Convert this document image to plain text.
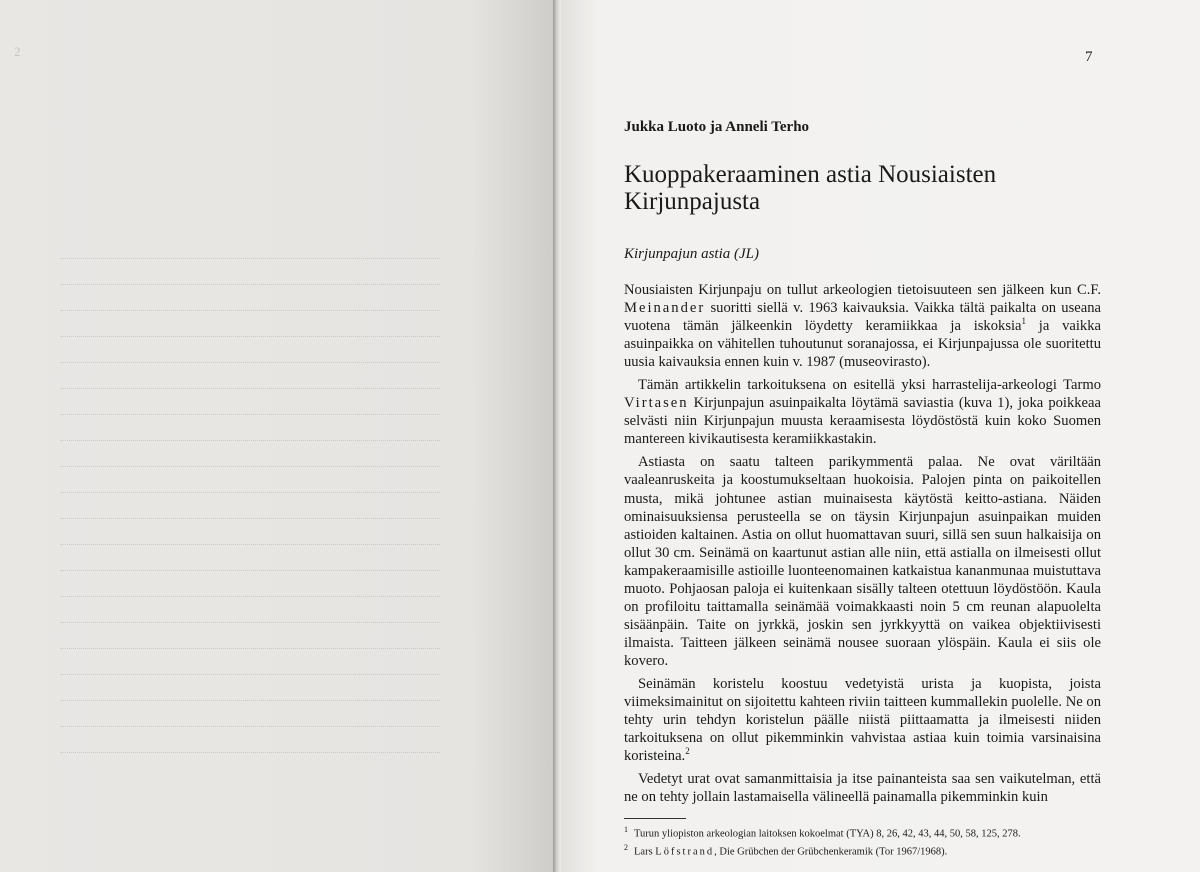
2	7
Jukka Luoto ja Anneli Terho
Kuoppakeraaminen astia Nousiaisten Kirjunpajusta
Kirjunpajun astia (JL)

Nousiaisten Kirjunpaju on tullut arkeologien tietoisuuteen sen jälkeen kun C.F. Meinander suoritti siellä v. 1963 kaivauksia. Vaikka tältä paikalta on useana vuotena tämän jälkeenkin löydetty keramiikkaa ja iskoksia$^1$ ja vaikka asuinpaikka on vähitellen tuhoutunut soranajossa, ei Kirjunpajussa ole suoritettu uusia kaivauksia ennen kuin v. 1987 (museovirasto).

Tämän artikkelin tarkoituksena on esitellä yksi harrastelija-arkeologi Tarmo Virtasen Kirjunpajun asuinpaikalta löytämä saviastia (kuva 1), joka poikkeaa selvästi niin Kirjunpajun muusta keraamisesta löydöstöstä kuin koko Suomen mantereen kivikautisesta keramiikkastakin.

Astiasta on saatu talteen parikymmentä palaa. Ne ovat väriltään vaaleanruskeita ja koostumukseltaan huokoisia. Palojen pinta on paikoitellen musta, mikä johtunee astian muinaisesta käytöstä keitto-astiana. Näiden ominaisuuksiensa perusteella se on täysin Kirjunpajun asuinpaikan muiden astioiden kaltainen. Astia on ollut huomattavan suuri, sillä sen suun halkaisija on ollut 30 cm. Seinämä on kaartunut astian alle niin, että astialla on ilmeisesti ollut kampakeraamisille astioille luonteenomainen katkaistua kananmunaa muistuttava muoto. Pohjaosan paloja ei kuitenkaan sisälly talteen otettuun löydöstöön. Kaula on profiloitu taittamalla seinämää voimakkaasti noin 5 cm reunan alapuolelta sisäänpäin. Taite on jyrkkä, joskin sen jyrkkyyttä on vaikea objektiivisesti ilmaista. Taitteen jälkeen seinämä nousee suoraan ylöspäin. Kaula ei siis ole kovero.

Seinämän koristelu koostuu vedetyistä urista ja kuopista, joista viimeksimainitut on sijoitettu kahteen riviin taitteen kummallekin puolelle. Ne on tehty urin tehdyn koristelun päälle niistä piittaamatta ja ilmeisesti niiden tarkoituksena on ollut pikemminkin vahvistaa astiaa kuin toimia varsinaisina koristeina.$^2$

Vedetyt urat ovat samanmittaisia ja itse painanteista saa sen vaikutelman, että ne on tehty jollain lastamaisella välineellä painamalla pikemminkin kuin

$^1$ Turun yliopiston arkeologian laitoksen kokoelmat (TYA) 8, 26, 42, 43, 44, 50, 58, 125, 278.
$^2$ Lars Löfstrand, Die Grübchen der Grübchenkeramik (Tor 1967/1968).
